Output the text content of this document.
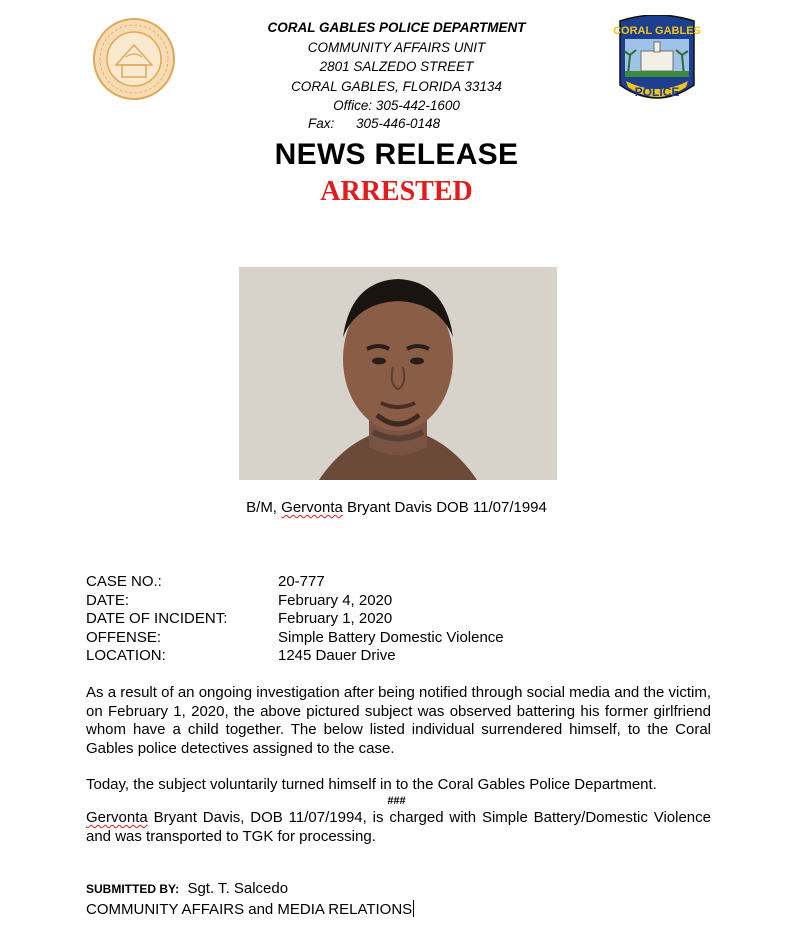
CORAL GABLES
POLICE
CORAL GABLES POLICE DEPARTMENT
COMMUNITY AFFAIRS UNIT
2801 SALZEDO STREET
CORAL GABLES, FLORIDA 33134
Office: 305-442-1600
Fax: 305-446-0148
NEWS RELEASE
ARRESTED
B/M, Gervonta Bryant Davis DOB 11/07/1994
CASE NO.:	20-777
DATE:	February 4, 2020
DATE OF INCIDENT:	February 1, 2020
OFFENSE:	Simple Battery Domestic Violence
LOCATION:	1245 Dauer Drive
As a result of an ongoing investigation after being notified through social media and the victim, on February 1, 2020, the above pictured subject was observed battering his former girlfriend whom have a child together. The below listed individual surrendered himself, to the Coral Gables police detectives assigned to the case.
Today, the subject voluntarily turned himself in to the Coral Gables Police Department.
###
Gervonta Bryant Davis, DOB 11/07/1994, is charged with Simple Battery/Domestic Violence and was transported to TGK for processing.
SUBMITTED BY: Sgt. T. Salcedo
COMMUNITY AFFAIRS and MEDIA RELATIONS
